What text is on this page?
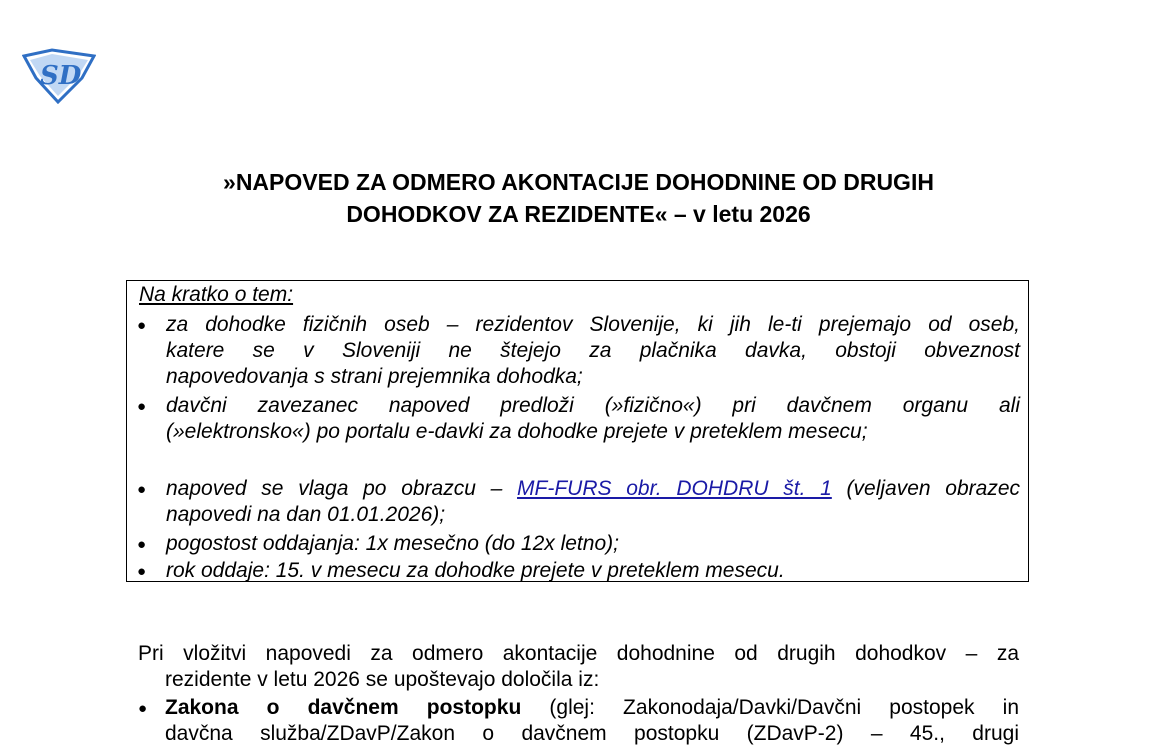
SD
»NAPOVED ZA ODMERO AKONTACIJE DOHODNINE OD DRUGIH
DOHODKOV ZA REZIDENTE« – v letu 2026
Na kratko o tem:
● za dohodke fizičnih oseb – rezidentov Slovenije, ki jih le-ti prejemajo od oseb,
katere se v Sloveniji ne štejejo za plačnika davka, obstoji obveznost
napovedovanja s strani prejemnika dohodka;
● davčni zavezanec napoved predloži (»fizično«) pri davčnem organu ali
(»elektronsko«) po portalu e-davki za dohodke prejete v preteklem mesecu;
● napoved se vlaga po obrazcu – MF-FURS obr. DOHDRU št. 1 (veljaven obrazec
napovedi na dan 01.01.2026);
● pogostost oddajanja: 1x mesečno (do 12x letno);
● rok oddaje: 15. v mesecu za dohodke prejete v preteklem mesecu.
Pri vložitvi napovedi za odmero akontacije dohodnine od drugih dohodkov – za
rezidente v letu 2026 se upoštevajo določila iz:
● Zakona o davčnem postopku (glej: Zakonodaja/Davki/Davčni postopek in
davčna služba/ZDavP/Zakon o davčnem postopku (ZDavP-2) – 45., drugi
